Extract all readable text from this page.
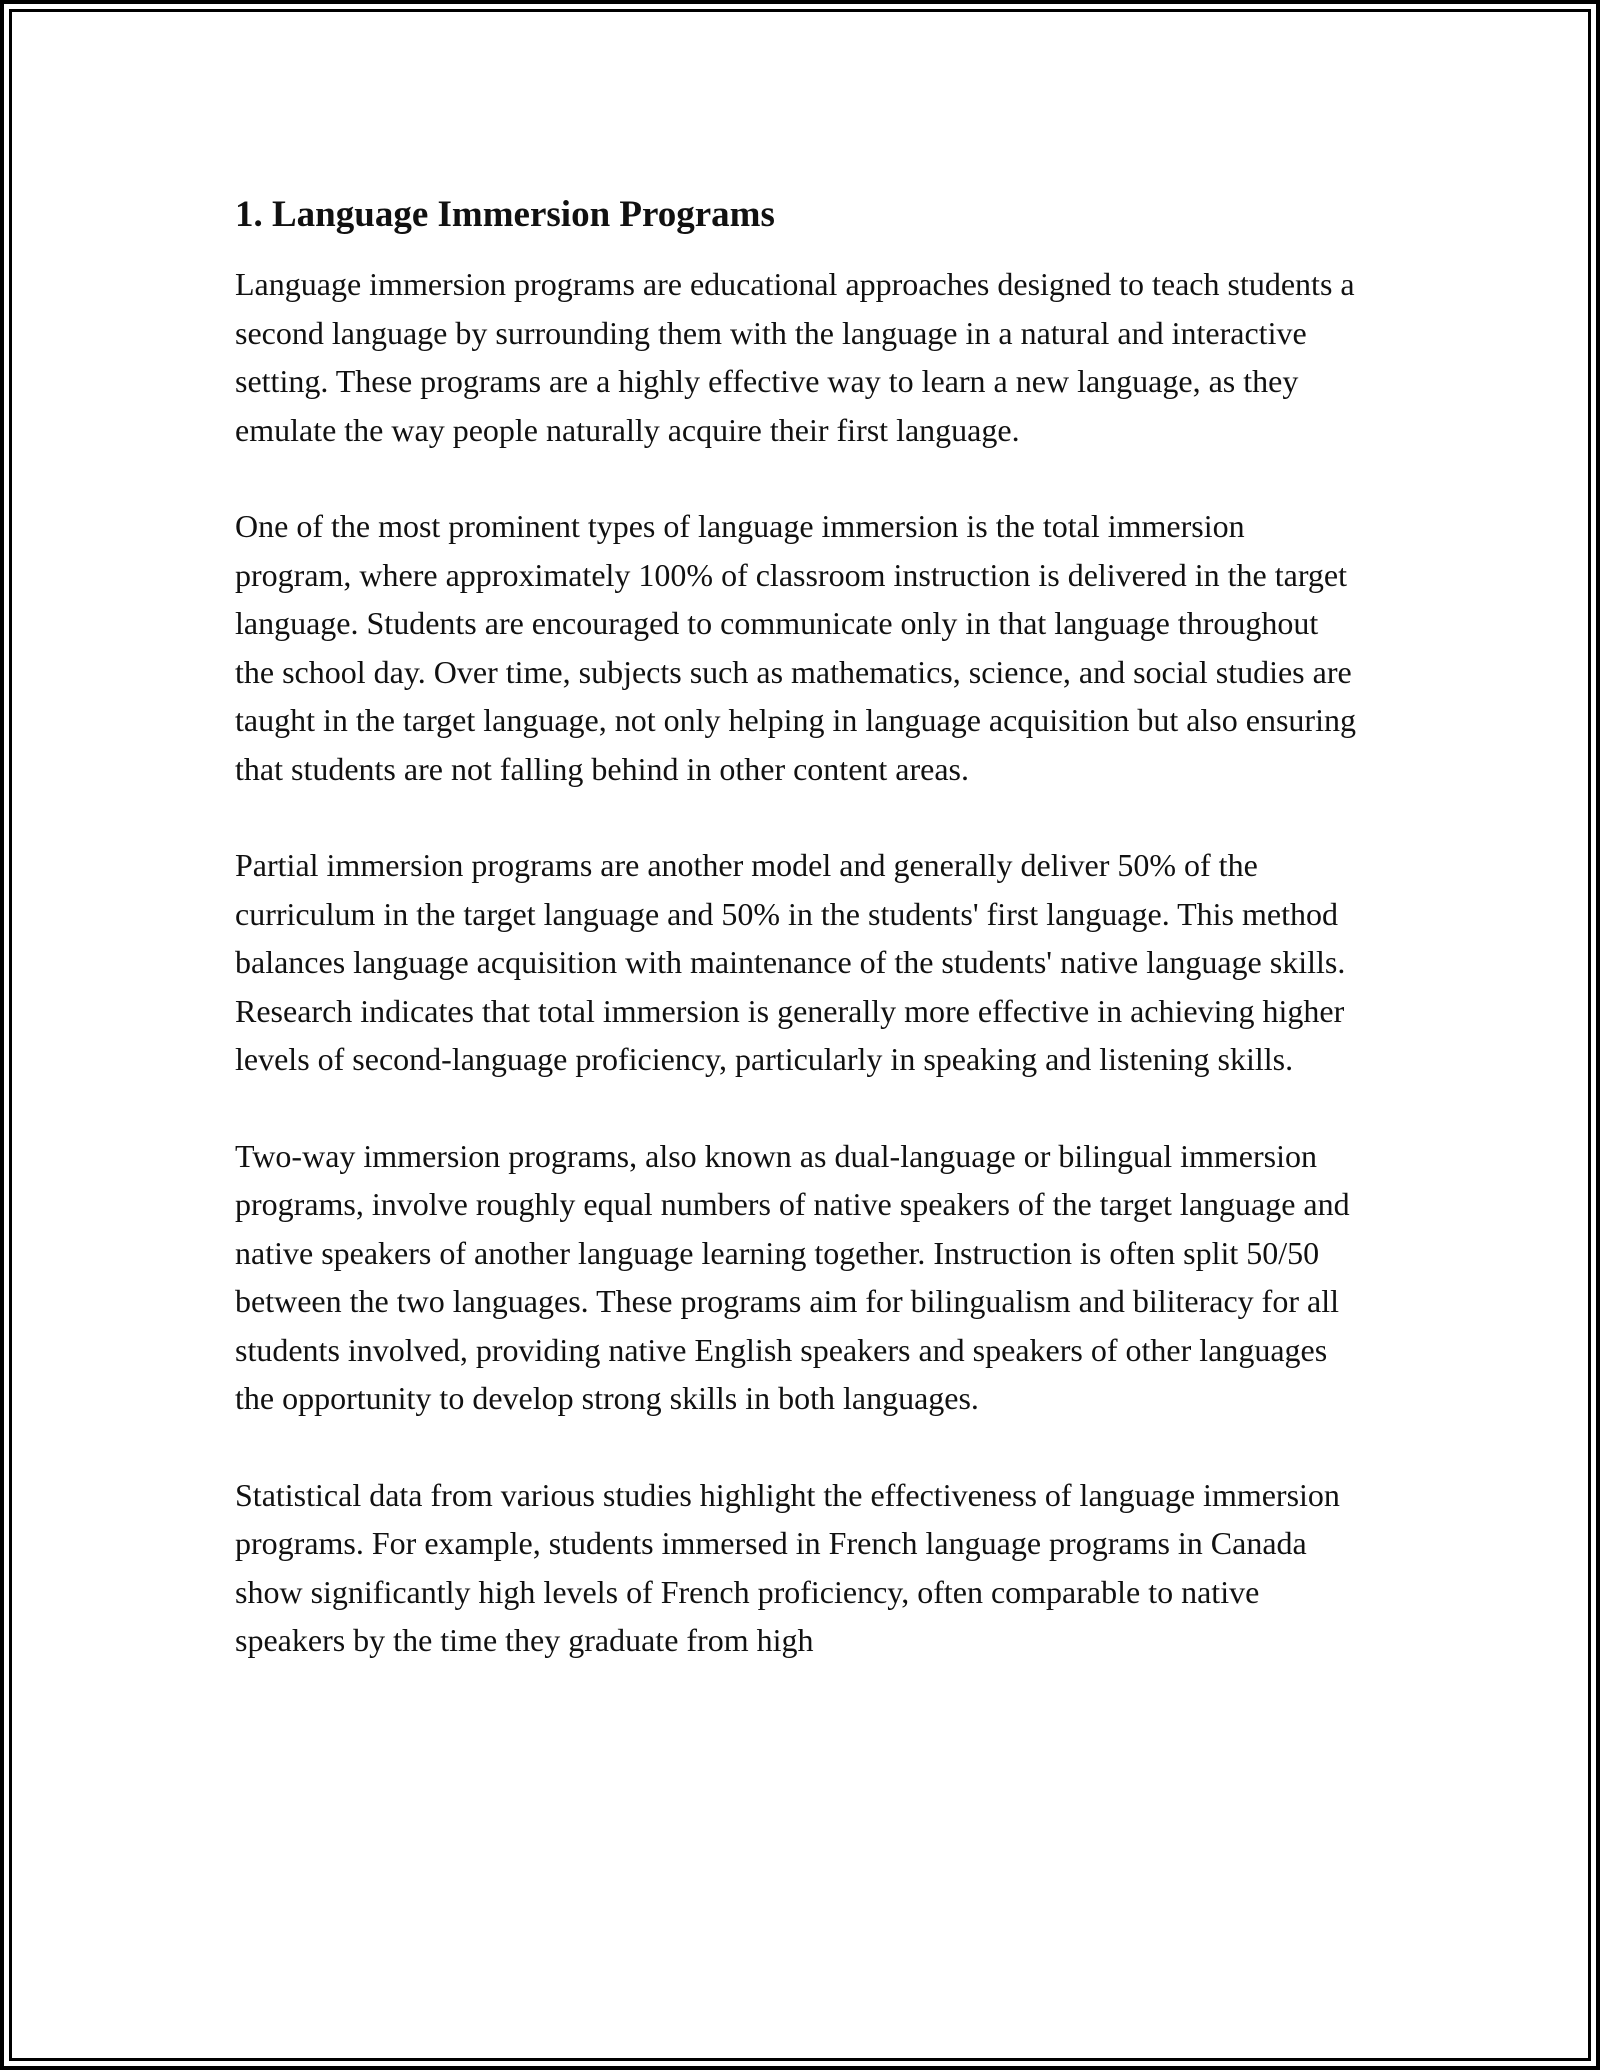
1. Language Immersion Programs

Language immersion programs are educational approaches designed to teach students a second language by surrounding them with the language in a natural and interactive setting. These programs are a highly effective way to learn a new language, as they emulate the way people naturally acquire their first language.

One of the most prominent types of language immersion is the total immersion program, where approximately 100% of classroom instruction is delivered in the target language. Students are encouraged to communicate only in that language throughout the school day. Over time, subjects such as mathematics, science, and social studies are taught in the target language, not only helping in language acquisition but also ensuring that students are not falling behind in other content areas.

Partial immersion programs are another model and generally deliver 50% of the curriculum in the target language and 50% in the students' first language. This method balances language acquisition with maintenance of the students' native language skills. Research indicates that total immersion is generally more effective in achieving higher levels of second-language proficiency, particularly in speaking and listening skills.

Two-way immersion programs, also known as dual-language or bilingual immersion programs, involve roughly equal numbers of native speakers of the target language and native speakers of another language learning together. Instruction is often split 50/50 between the two languages. These programs aim for bilingualism and biliteracy for all students involved, providing native English speakers and speakers of other languages the opportunity to develop strong skills in both languages.

Statistical data from various studies highlight the effectiveness of language immersion programs. For example, students immersed in French language programs in Canada show significantly high levels of French proficiency, often comparable to native speakers by the time they graduate from high
